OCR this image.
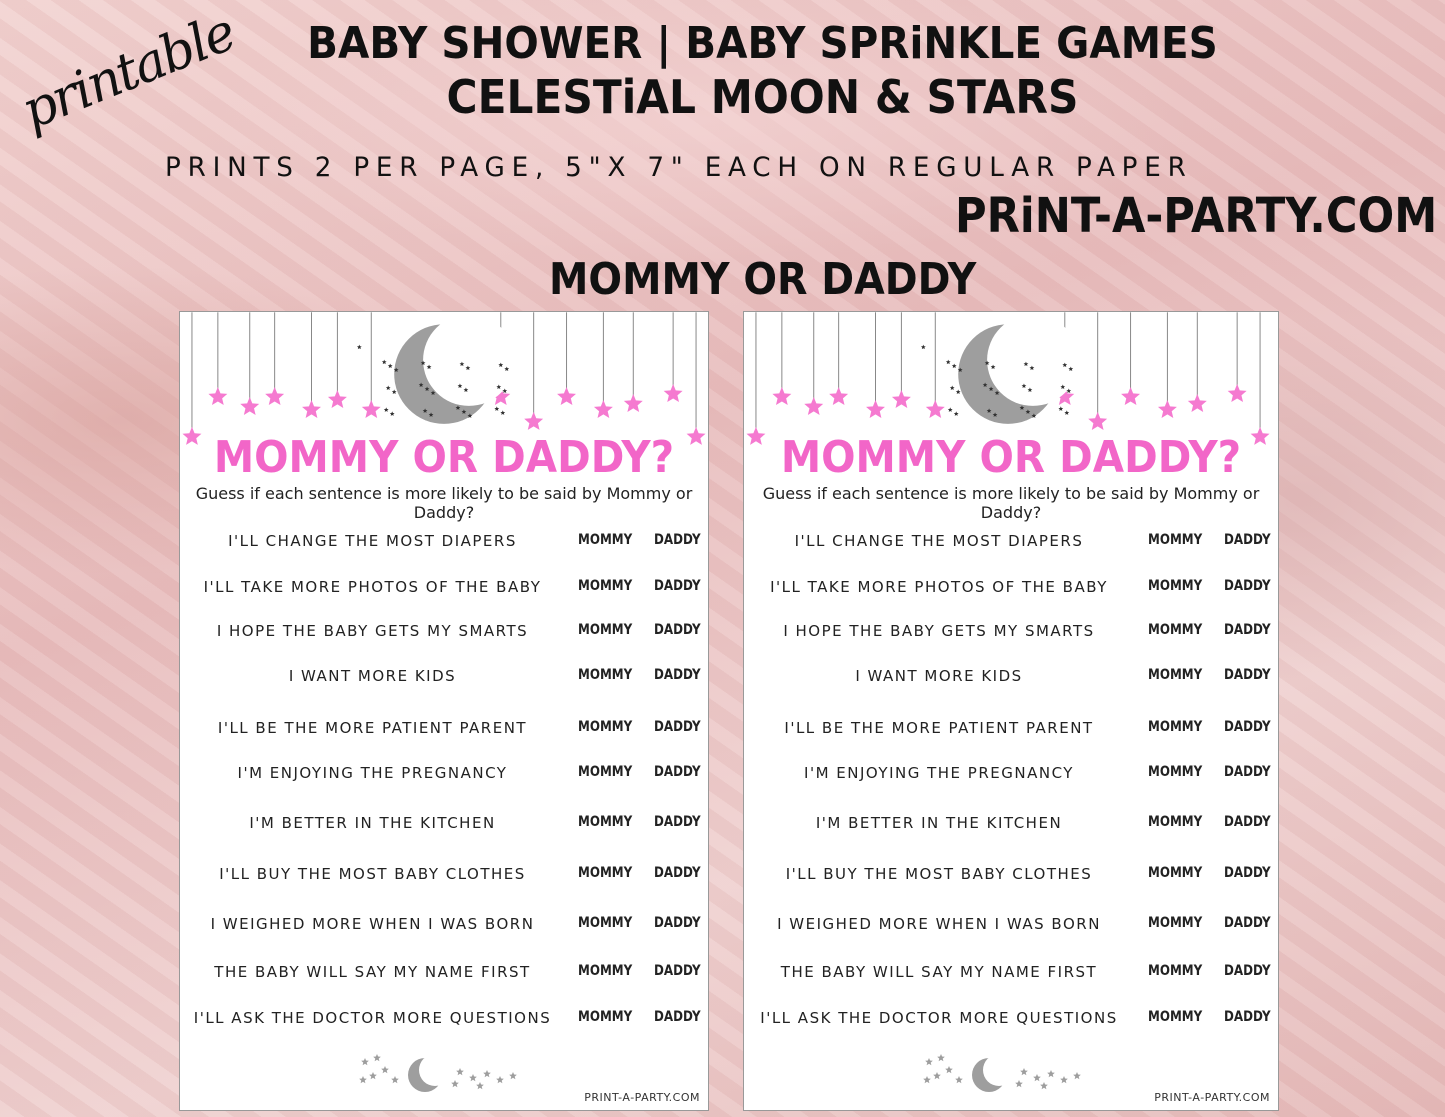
printable	BABY SHOWER | BABY SPRiNKLE GAMES
CELESTiAL MOON & STARS
PRINTS 2 PER PAGE, 5"X 7" EACH ON REGULAR PAPER
PRiNT-A-PARTY.COM
MOMMY OR DADDY
MOMMY OR DADDY?
Guess if each sentence is more likely to be said by Mommy or Daddy?
I'LL CHANGE THE MOST DIAPERS	MOMMY DADDY
I'LL TAKE MORE PHOTOS OF THE BABY	MOMMY DADDY
I HOPE THE BABY GETS MY SMARTS	MOMMY DADDY
I WANT MORE KIDS	MOMMY DADDY
I'LL BE THE MORE PATIENT PARENT	MOMMY DADDY
I'M ENJOYING THE PREGNANCY	MOMMY DADDY
I'M BETTER IN THE KITCHEN	MOMMY DADDY
I'LL BUY THE MOST BABY CLOTHES	MOMMY DADDY
I WEIGHED MORE WHEN I WAS BORN	MOMMY DADDY
THE BABY WILL SAY MY NAME FIRST	MOMMY DADDY
I'LL ASK THE DOCTOR MORE QUESTIONS	MOMMY DADDY
PRINT-A-PARTY.COM
MOMMY OR DADDY?
Guess if each sentence is more likely to be said by Mommy or Daddy?
I'LL CHANGE THE MOST DIAPERS	MOMMY DADDY
I'LL TAKE MORE PHOTOS OF THE BABY	MOMMY DADDY
I HOPE THE BABY GETS MY SMARTS	MOMMY DADDY
I WANT MORE KIDS	MOMMY DADDY
I'LL BE THE MORE PATIENT PARENT	MOMMY DADDY
I'M ENJOYING THE PREGNANCY	MOMMY DADDY
I'M BETTER IN THE KITCHEN	MOMMY DADDY
I'LL BUY THE MOST BABY CLOTHES	MOMMY DADDY
I WEIGHED MORE WHEN I WAS BORN	MOMMY DADDY
THE BABY WILL SAY MY NAME FIRST	MOMMY DADDY
I'LL ASK THE DOCTOR MORE QUESTIONS	MOMMY DADDY
PRINT-A-PARTY.COM
